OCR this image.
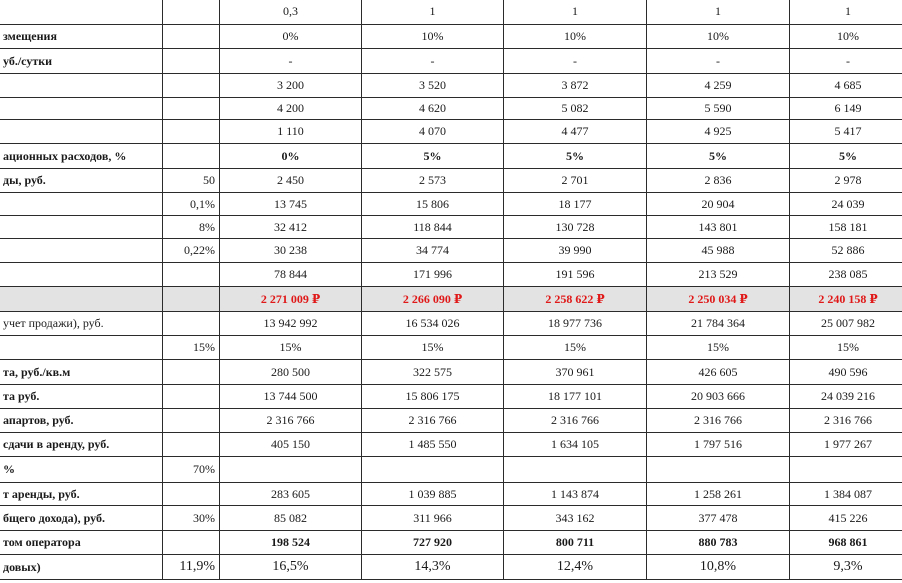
		0,3	1	1	1	1
змещения		0%	10%	10%	10%	10%
уб./сутки		-	-	-	-	-
		3 200	3 520	3 872	4 259	4 685
		4 200	4 620	5 082	5 590	6 149
		1 110	4 070	4 477	4 925	5 417
ационных расходов, %		0%	5%	5%	5%	5%
ды, руб.	50	2 450	2 573	2 701	2 836	2 978
	0,1%	13 745	15 806	18 177	20 904	24 039
	8%	32 412	118 844	130 728	143 801	158 181
	0,22%	30 238	34 774	39 990	45 988	52 886
		78 844	171 996	191 596	213 529	238 085
		2 271 009 ₽	2 266 090 ₽	2 258 622 ₽	2 250 034 ₽	2 240 158 ₽
учет продажи), руб.		13 942 992	16 534 026	18 977 736	21 784 364	25 007 982
	15%	15%	15%	15%	15%	15%
та, руб./кв.м		280 500	322 575	370 961	426 605	490 596
та руб.		13 744 500	15 806 175	18 177 101	20 903 666	24 039 216
апартов, руб.		2 316 766	2 316 766	2 316 766	2 316 766	2 316 766
сдачи в аренду, руб.		405 150	1 485 550	1 634 105	1 797 516	1 977 267
%	70%					
т аренды, руб.		283 605	1 039 885	1 143 874	1 258 261	1 384 087
бщего дохода), руб.	30%	85 082	311 966	343 162	377 478	415 226
том оператора		198 524	727 920	800 711	880 783	968 861
довых)	11,9%	16,5%	14,3%	12,4%	10,8%	9,3%
